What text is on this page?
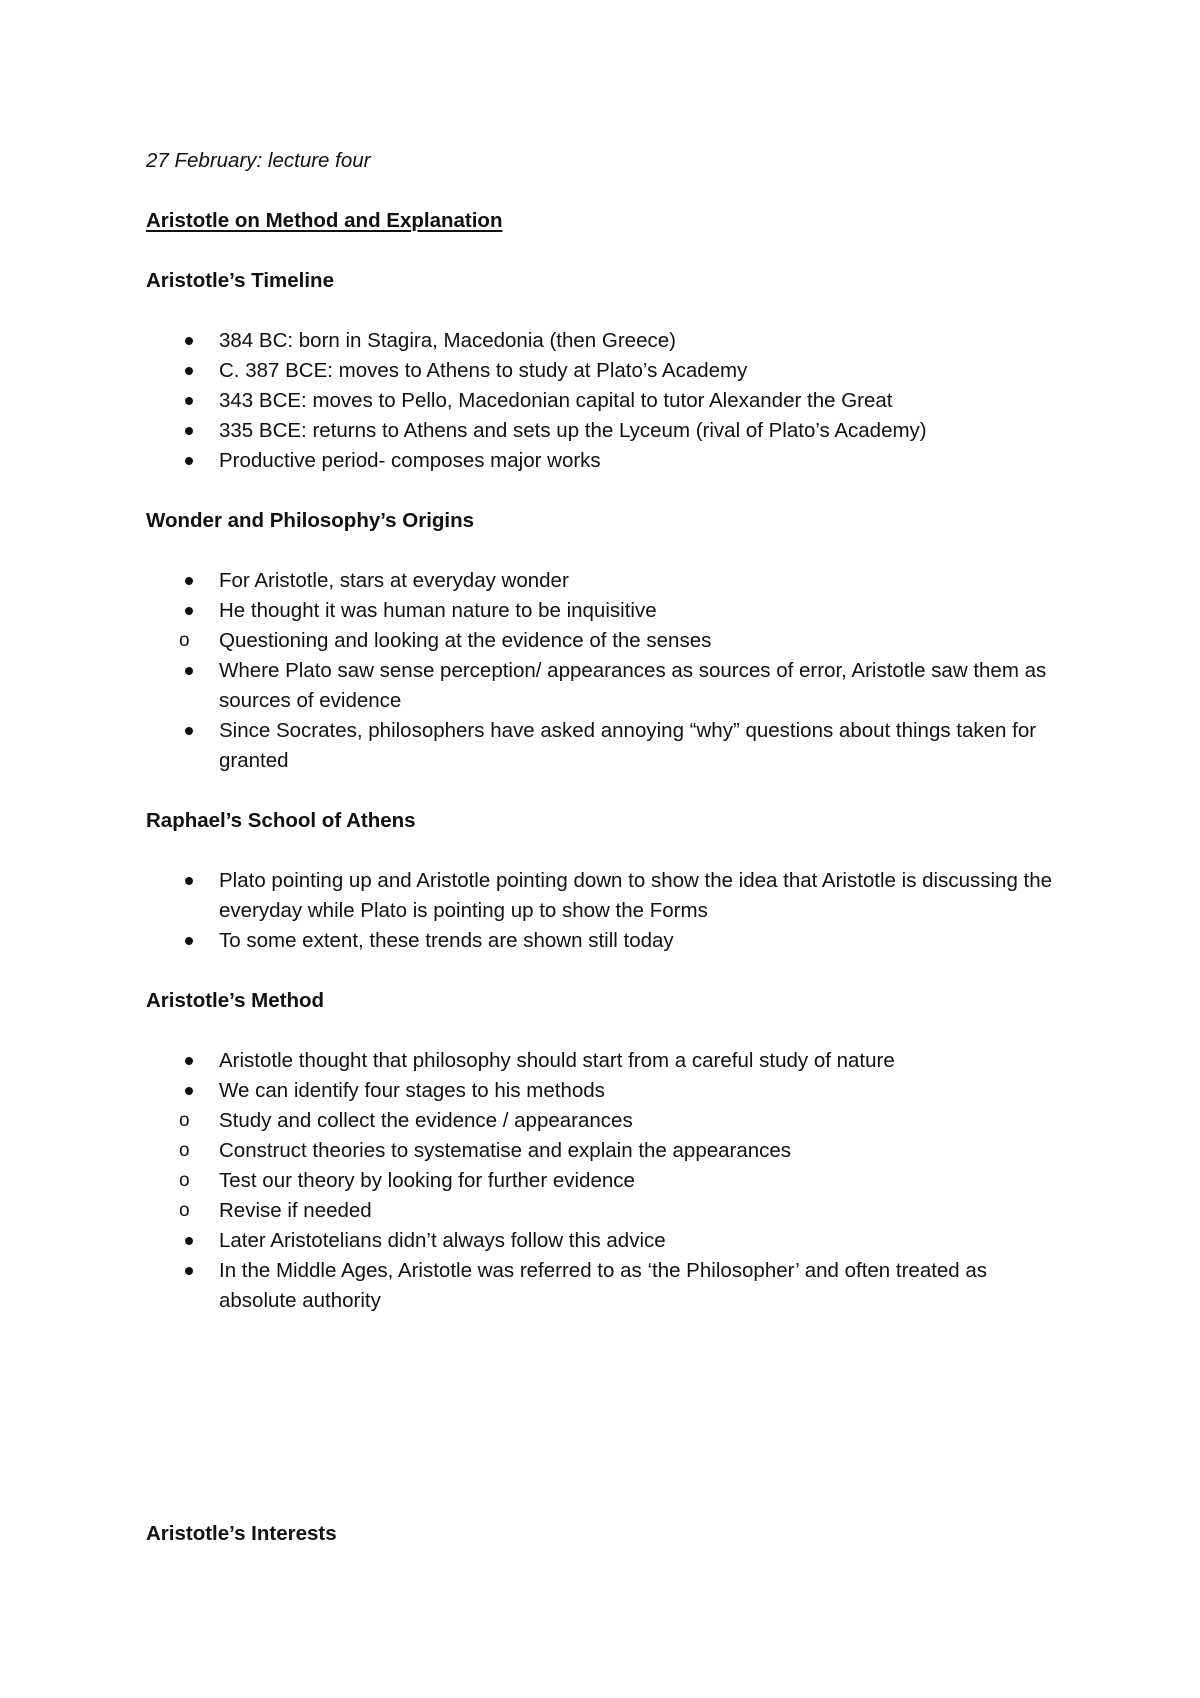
27 February: lecture four

Aristotle on Method and Explanation

Aristotle’s Timeline

384 BC: born in Stagira, Macedonia (then Greece)
C. 387 BCE: moves to Athens to study at Plato’s Academy
343 BCE: moves to Pello, Macedonian capital to tutor Alexander the Great
335 BCE: returns to Athens and sets up the Lyceum (rival of Plato’s Academy)
Productive period- composes major works

Wonder and Philosophy’s Origins

For Aristotle, stars at everyday wonder
He thought it was human nature to be inquisitive
o Questioning and looking at the evidence of the senses
Where Plato saw sense perception/ appearances as sources of error, Aristotle saw them as sources of evidence
Since Socrates, philosophers have asked annoying “why” questions about things taken for granted

Raphael’s School of Athens

Plato pointing up and Aristotle pointing down to show the idea that Aristotle is discussing the everyday while Plato is pointing up to show the Forms
To some extent, these trends are shown still today

Aristotle’s Method

Aristotle thought that philosophy should start from a careful study of nature
We can identify four stages to his methods
o Study and collect the evidence / appearances
o Construct theories to systematise and explain the appearances
o Test our theory by looking for further evidence
o Revise if needed
Later Aristotelians didn’t always follow this advice
In the Middle Ages, Aristotle was referred to as ‘the Philosopher’ and often treated as absolute authority
Aristotle’s Interests
